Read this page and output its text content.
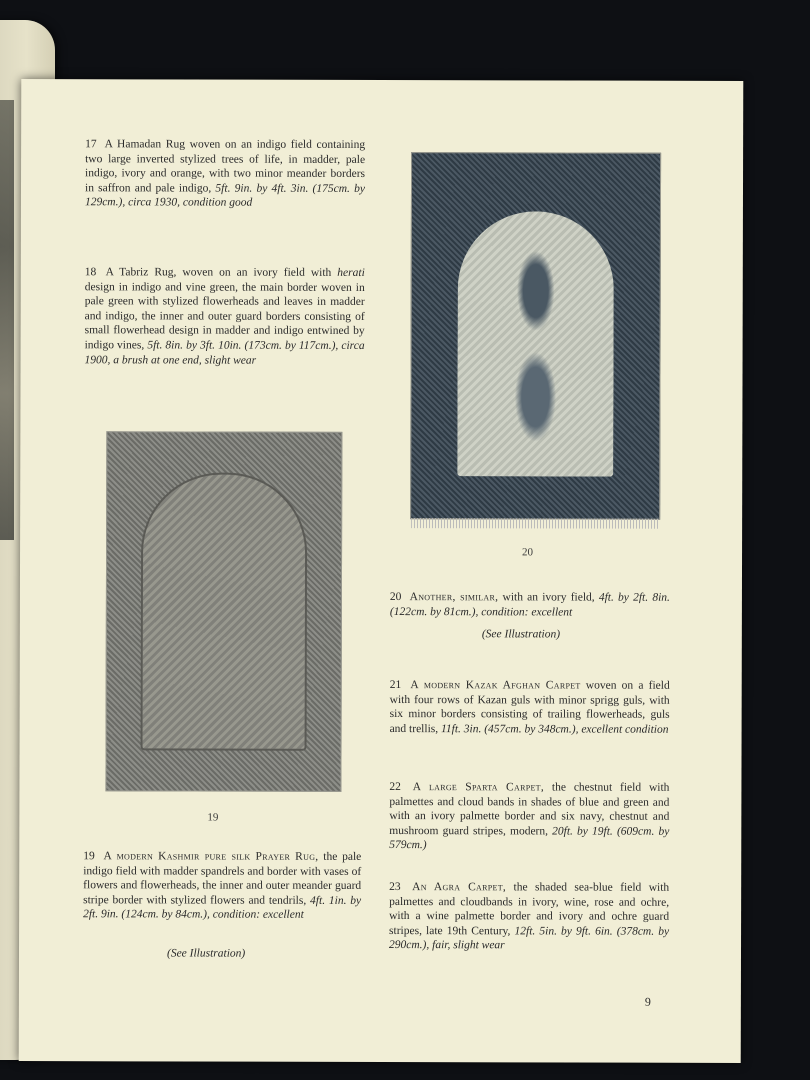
17 A Hamadan Rug woven on an indigo field containing two large inverted stylized trees of life, in madder, pale indigo, ivory and orange, with two minor meander borders in saffron and pale indigo, 5ft. 9in. by 4ft. 3in. (175cm. by 129cm.), circa 1930, condition good
18 A Tabriz Rug, woven on an ivory field with herati design in indigo and vine green, the main border woven in pale green with stylized flowerheads and leaves in madder and indigo, the inner and outer guard borders consisting of small flowerhead design in madder and indigo entwined by indigo vines, 5ft. 8in. by 3ft. 10in. (173cm. by 117cm.), circa 1900, a brush at one end, slight wear
19
19 A modern Kashmir pure silk Prayer Rug, the pale indigo field with madder spandrels and border with vases of flowers and flowerheads, the inner and outer meander guard stripe border with stylized flowers and tendrils, 4ft. 1in. by 2ft. 9in. (124cm. by 84cm.), condition: excellent
(See Illustration)
20
20 Another, similar, with an ivory field, 4ft. by 2ft. 8in. (122cm. by 81cm.), condition: excellent
(See Illustration)
21 A modern Kazak Afghan Carpet woven on a field with four rows of Kazan guls with minor sprigg guls, with six minor borders consisting of trailing flowerheads, guls and trellis, 11ft. 3in. (457cm. by 348cm.), excellent condition
22 A large Sparta Carpet, the chestnut field with palmettes and cloud bands in shades of blue and green and with an ivory palmette border and six navy, chestnut and mushroom guard stripes, modern, 20ft. by 19ft. (609cm. by 579cm.)
23 An Agra Carpet, the shaded sea-blue field with palmettes and cloudbands in ivory, wine, rose and ochre, with a wine palmette border and ivory and ochre guard stripes, late 19th Century, 12ft. 5in. by 9ft. 6in. (378cm. by 290cm.), fair, slight wear
9
